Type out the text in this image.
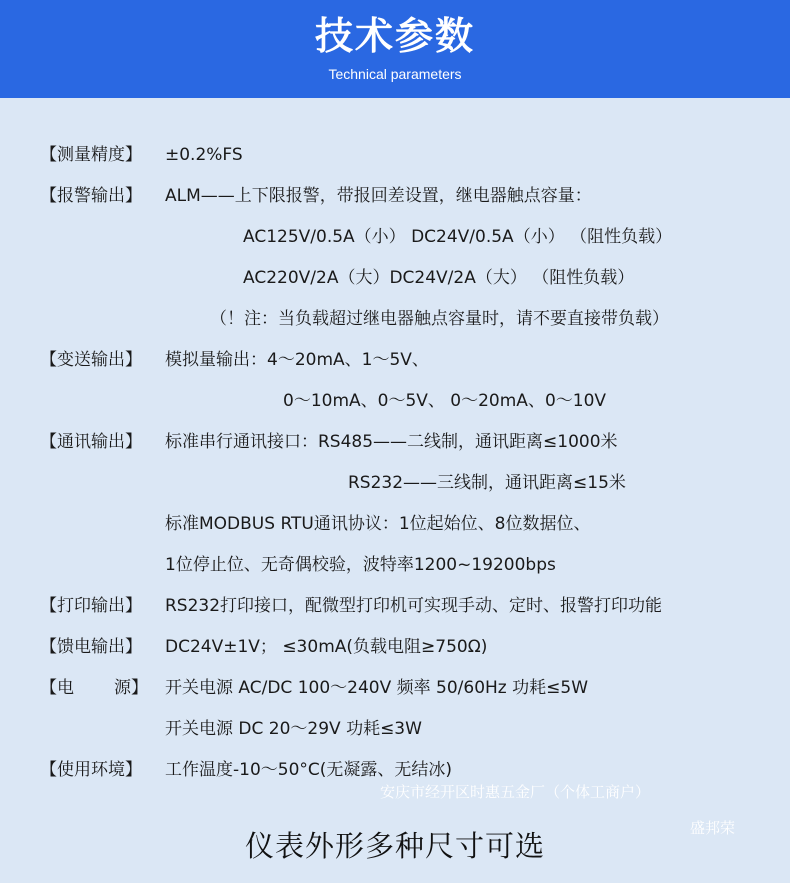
技术参数
Technical parameters
【测量精度】 ±0.2%FS
【报警输出】 ALM——上下限报警，带报回差设置，继电器触点容量：
AC125V/0.5A（小） DC24V/0.5A（小） （阻性负载）
AC220V/2A（大）DC24V/2A（大） （阻性负载）
（！注：当负载超过继电器触点容量时，请不要直接带负载）
【变送输出】 模拟量输出：4～20mA、1～5V、
0～10mA、0～5V、 0～20mA、0～10V
【通讯输出】 标准串行通讯接口：RS485——二线制，通讯距离≤1000米
RS232——三线制，通讯距离≤15米
标准MODBUS RTU通讯协议：1位起始位、8位数据位、
1位停止位、无奇偶校验，波特率1200~19200bps
【打印输出】 RS232打印接口，配微型打印机可实现手动、定时、报警打印功能
【馈电输出】 DC24V±1V； ≤30mA(负载电阻≥750Ω)
【电 源】 开关电源 AC/DC 100～240V 频率 50/60Hz 功耗≤5W
开关电源 DC 20～29V 功耗≤3W
【使用环境】 工作温度-10～50°C(无凝露、无结冰)
安庆市经开区时惠五金厂（个体工商户）
盛邦荣
仪表外形多种尺寸可选
